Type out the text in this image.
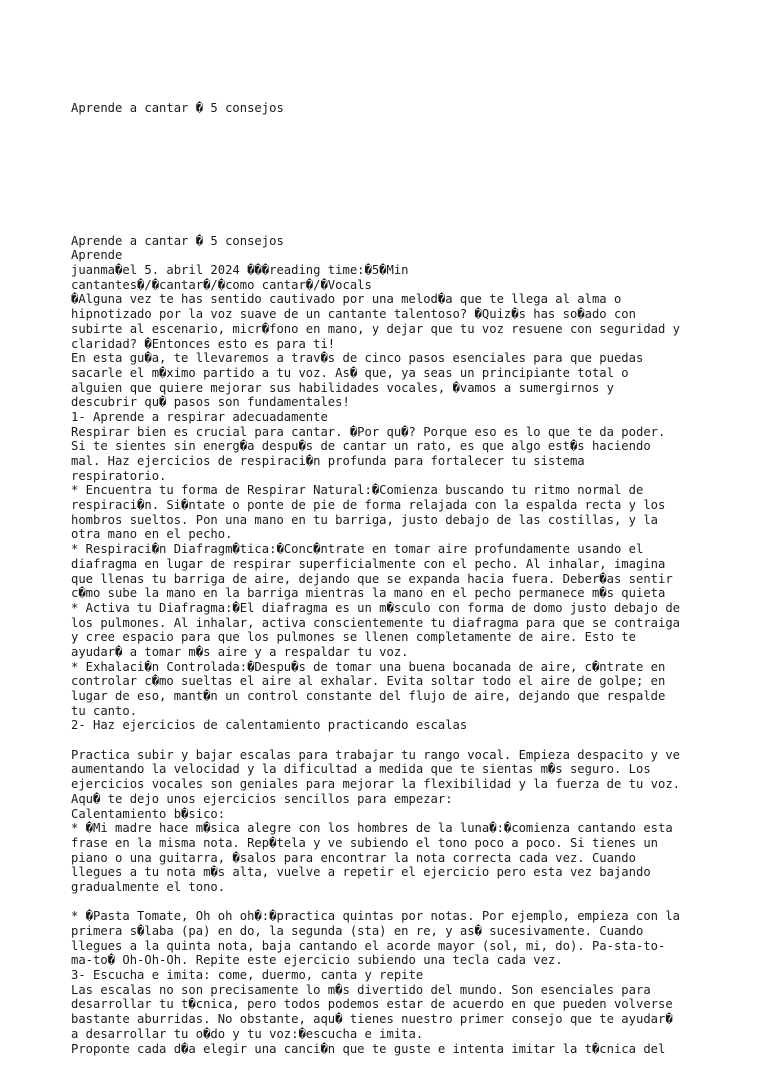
Aprende a cantar � 5 consejos

Aprende a cantar � 5 consejos
Aprende
juanma�el 5. abril 2024 ���reading time:�5�Min
cantantes�/�cantar�/�como cantar�/�Vocals
�Alguna vez te has sentido cautivado por una melod�a que te llega al alma o
hipnotizado por la voz suave de un cantante talentoso? �Quiz�s has so�ado con
subirte al escenario, micr�fono en mano, y dejar que tu voz resuene con seguridad y
claridad? �Entonces esto es para ti!
En esta gu�a, te llevaremos a trav�s de cinco pasos esenciales para que puedas
sacarle el m�ximo partido a tu voz. As� que, ya seas un principiante total o
alguien que quiere mejorar sus habilidades vocales, �vamos a sumergirnos y
descubrir qu� pasos son fundamentales!
1- Aprende a respirar adecuadamente
Respirar bien es crucial para cantar. �Por qu�? Porque eso es lo que te da poder.
Si te sientes sin energ�a despu�s de cantar un rato, es que algo est�s haciendo
mal. Haz ejercicios de respiraci�n profunda para fortalecer tu sistema
respiratorio.
* Encuentra tu forma de Respirar Natural:�Comienza buscando tu ritmo normal de
respiraci�n. Si�ntate o ponte de pie de forma relajada con la espalda recta y los
hombros sueltos. Pon una mano en tu barriga, justo debajo de las costillas, y la
otra mano en el pecho.
* Respiraci�n Diafragm�tica:�Conc�ntrate en tomar aire profundamente usando el
diafragma en lugar de respirar superficialmente con el pecho. Al inhalar, imagina
que llenas tu barriga de aire, dejando que se expanda hacia fuera. Deber�as sentir
c�mo sube la mano en la barriga mientras la mano en el pecho permanece m�s quieta
* Activa tu Diafragma:�El diafragma es un m�sculo con forma de domo justo debajo de
los pulmones. Al inhalar, activa conscientemente tu diafragma para que se contraiga
y cree espacio para que los pulmones se llenen completamente de aire. Esto te
ayudar� a tomar m�s aire y a respaldar tu voz.
* Exhalaci�n Controlada:�Despu�s de tomar una buena bocanada de aire, c�ntrate en
controlar c�mo sueltas el aire al exhalar. Evita soltar todo el aire de golpe; en
lugar de eso, mant�n un control constante del flujo de aire, dejando que respalde
tu canto.
2- Haz ejercicios de calentamiento practicando escalas
Practica subir y bajar escalas para trabajar tu rango vocal. Empieza despacito y ve
aumentando la velocidad y la dificultad a medida que te sientas m�s seguro. Los
ejercicios vocales son geniales para mejorar la flexibilidad y la fuerza de tu voz.
Aqu� te dejo unos ejercicios sencillos para empezar:
Calentamiento b�sico:
* �Mi madre hace m�sica alegre con los hombres de la luna�:�comienza cantando esta
frase en la misma nota. Rep�tela y ve subiendo el tono poco a poco. Si tienes un
piano o una guitarra, �salos para encontrar la nota correcta cada vez. Cuando
llegues a tu nota m�s alta, vuelve a repetir el ejercicio pero esta vez bajando
gradualmente el tono.
* �Pasta Tomate, Oh oh oh�:�practica quintas por notas. Por ejemplo, empieza con la
primera s�laba (pa) en do, la segunda (sta) en re, y as� sucesivamente. Cuando
llegues a la quinta nota, baja cantando el acorde mayor (sol, mi, do). Pa-sta-to-
ma-to� Oh-Oh-Oh. Repite este ejercicio subiendo una tecla cada vez.
3- Escucha e imita: come, duermo, canta y repite
Las escalas no son precisamente lo m�s divertido del mundo. Son esenciales para
desarrollar tu t�cnica, pero todos podemos estar de acuerdo en que pueden volverse
bastante aburridas. No obstante, aqu� tienes nuestro primer consejo que te ayudar�
a desarrollar tu o�do y tu voz:�escucha e imita.
Proponte cada d�a elegir una canci�n que te guste e intenta imitar la t�cnica del
